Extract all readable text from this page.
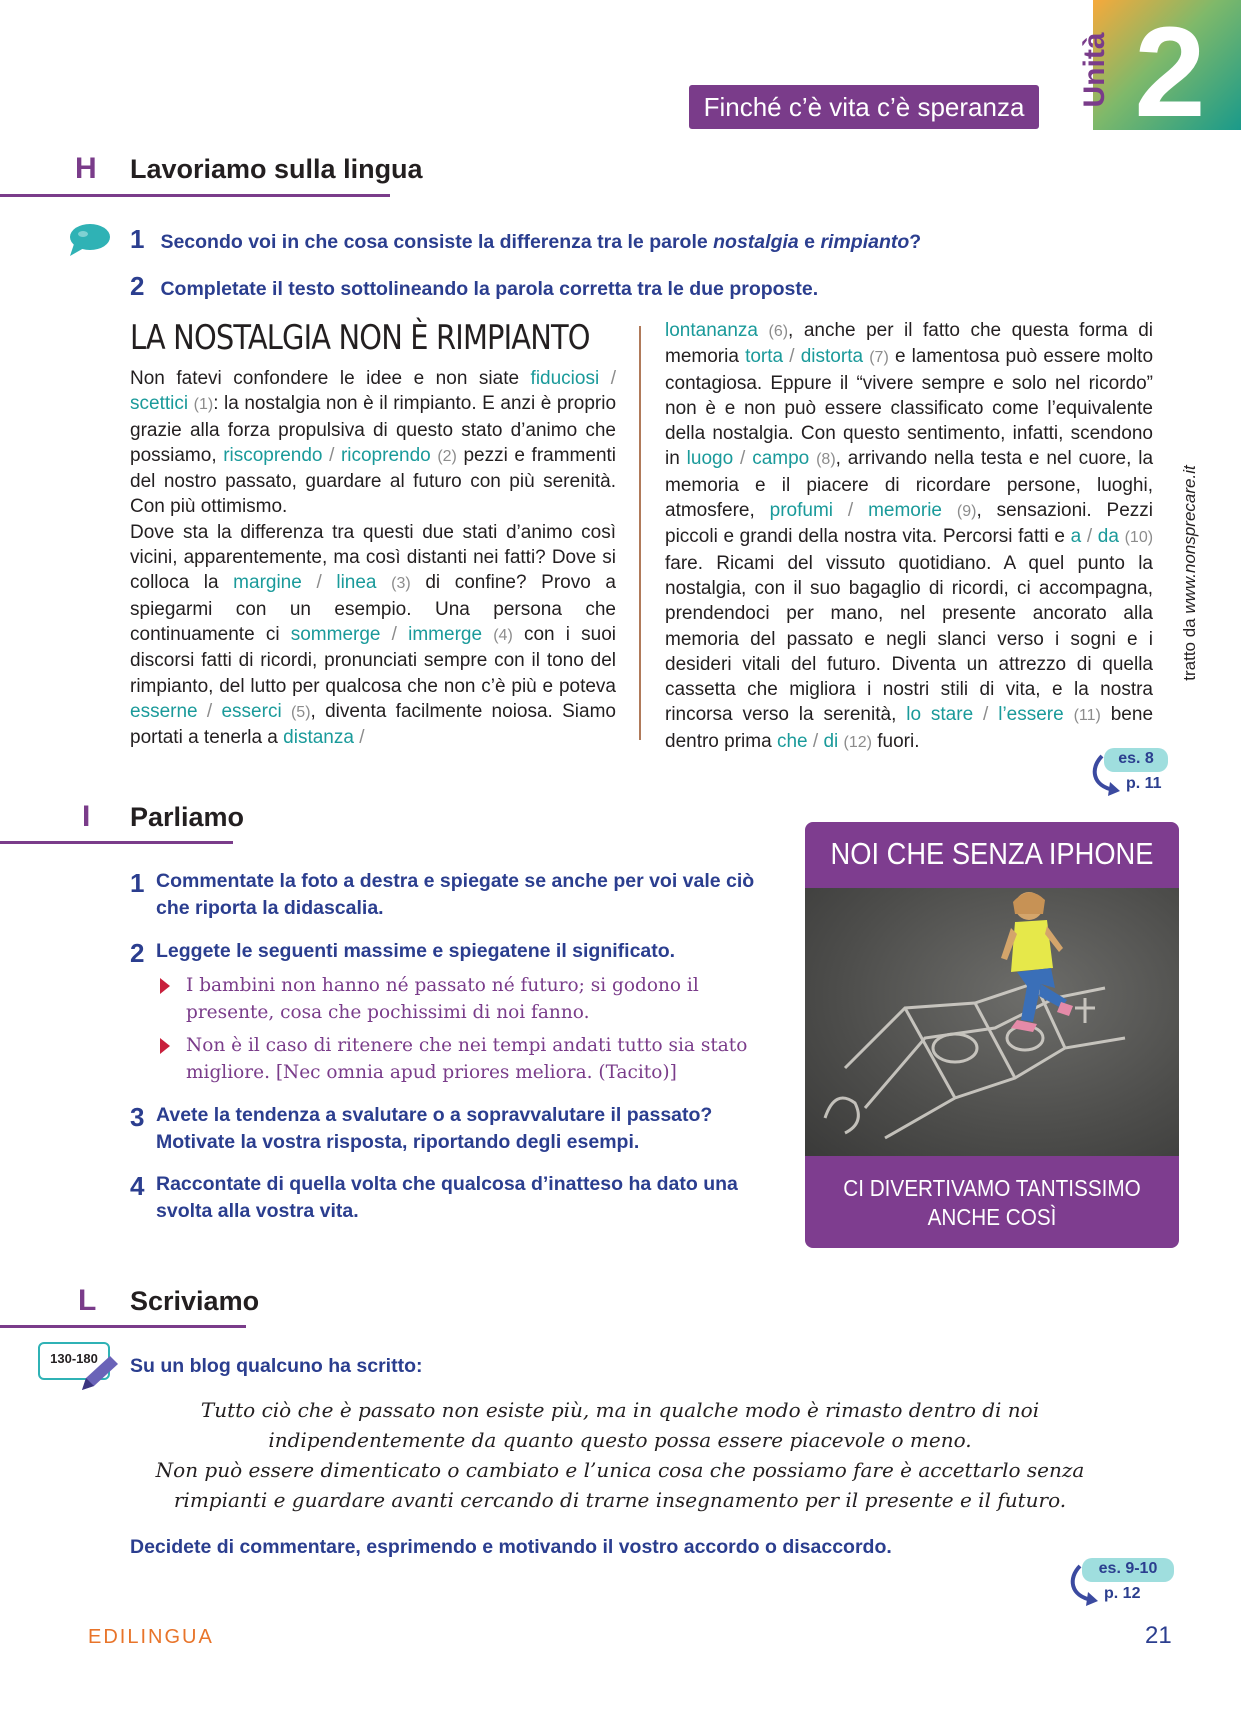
2
Unità
Finché c’è vita c’è speranza
H Lavoriamo sulla lingua
1 Secondo voi in che cosa consiste la differenza tra le parole nostalgia e rimpianto?
2 Completate il testo sottolineando la parola corretta tra le due proposte.
LA NOSTALGIA NON È RIMPIANTO

Non fatevi confondere le idee e non siate fiduciosi / scettici (1): la nostalgia non è il rimpianto. E anzi è proprio grazie alla forza propulsiva di questo stato d’animo che possiamo, riscoprendo / ricoprendo (2) pezzi e frammenti del nostro passato, guardare al futuro con più serenità. Con più ottimismo.

Dove sta la differenza tra questi due stati d’animo così vicini, apparentemente, ma così distanti nei fatti? Dove si colloca la margine / linea (3) di confine? Provo a spiegarmi con un esempio. Una persona che continuamente ci sommerge / immerge (4) con i suoi discorsi fatti di ricordi, pronunciati sempre con il tono del rimpianto, del lutto per qualcosa che non c’è più e poteva esserne / esserci (5), diventa facilmente noiosa. Siamo portati a tenerla a distanza /

lontananza (6), anche per il fatto che questa forma di memoria torta / distorta (7) e lamentosa può essere molto contagiosa. Eppure il “vivere sempre e solo nel ricordo” non è e non può essere classificato come l’equivalente della nostalgia. Con questo sentimento, infatti, scendono in luogo / campo (8), arrivando nella testa e nel cuore, la memoria e il piacere di ricordare persone, luoghi, atmosfere, profumi / memorie (9), sensazioni. Pezzi piccoli e grandi della nostra vita. Percorsi fatti e a / da (10) fare. Ricami del vissuto quotidiano. A quel punto la nostalgia, con il suo bagaglio di ricordi, ci accompagna, prendendoci per mano, nel presente ancorato alla memoria del passato e negli slanci verso i sogni e i desideri vitali del futuro. Diventa un attrezzo di quella cassetta che migliora i nostri stili di vita, e la nostra rincorsa verso la serenità, lo stare / l’essere (11) bene dentro prima che / di (12) fuori.

tratto da www.nonsprecare.it
es. 8
p. 11
I Parliamo
1 Commentate la foto a destra e spiegate se anche per voi vale ciò che riporta la didascalia.
2 Leggete le seguenti massime e spiegatene il significato.
I bambini non hanno né passato né futuro; si godono il presente, cosa che pochissimi di noi fanno.
Non è il caso di ritenere che nei tempi andati tutto sia stato migliore. [Nec omnia apud priores meliora. (Tacito)]
3 Avete la tendenza a svalutare o a sopravvalutare il passato? Motivate la vostra risposta, riportando degli esempi.
4 Raccontate di quella volta che qualcosa d’inatteso ha dato una svolta alla vostra vita.
NOI CHE SENZA IPHONE
CI DIVERTIVAMO TANTISSIMO
ANCHE COSÌ
L Scriviamo
130-180	Su un blog qualcuno ha scritto:
Tutto ciò che è passato non esiste più, ma in qualche modo è rimasto dentro di noi
indipendentemente da quanto questo possa essere piacevole o meno.
Non può essere dimenticato o cambiato e l’unica cosa che possiamo fare è accettarlo senza
rimpianti e guardare avanti cercando di trarne insegnamento per il presente e il futuro.
Decidete di commentare, esprimendo e motivando il vostro accordo o disaccordo.
es. 9-10
p. 12
EDILINGUA	21
